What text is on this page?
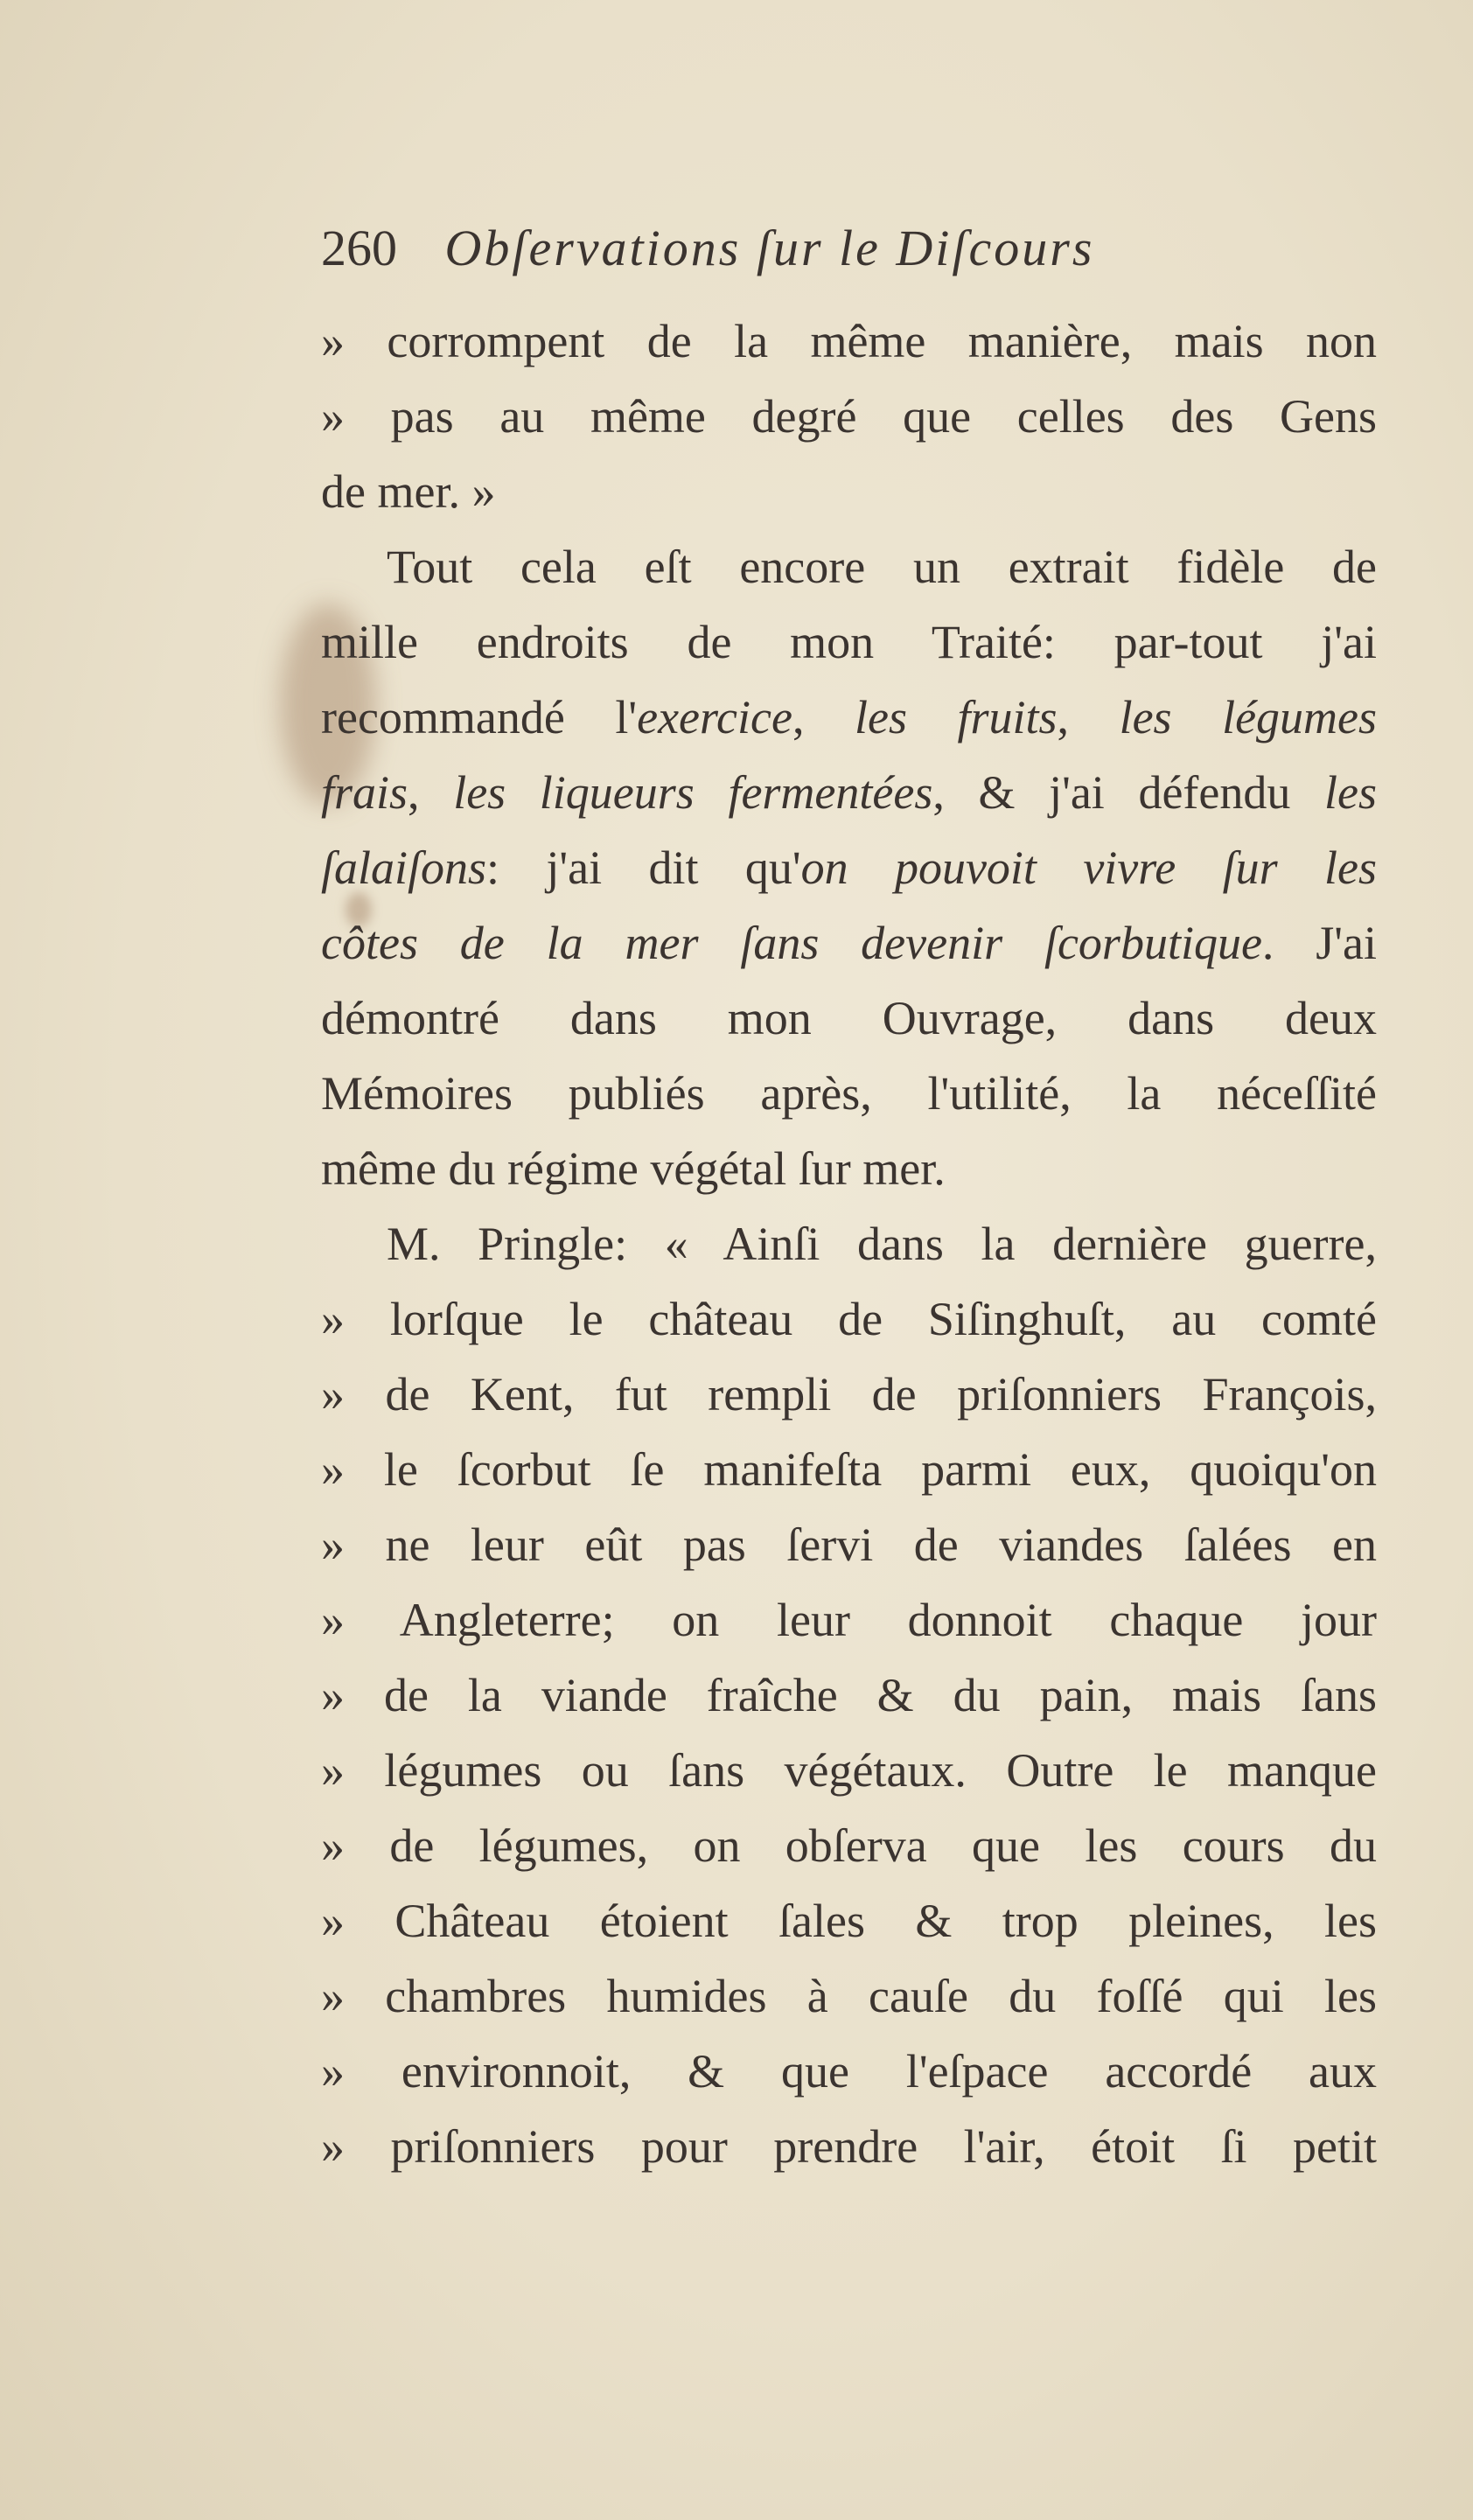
260 Obſervations ſur le Diſcours
» corrompent de la même manière, mais non
» pas au même degré que celles des Gens
de mer. »
Tout cela eſt encore un extrait fidèle de
mille endroits de mon Traité: par-tout j'ai
recommandé l'exercice, les fruits, les légumes
frais, les liqueurs fermentées, & j'ai défendu les
ſalaiſons: j'ai dit qu'on pouvoit vivre ſur les
côtes de la mer ſans devenir ſcorbutique. J'ai
démontré dans mon Ouvrage, dans deux
Mémoires publiés après, l'utilité, la néceſſité
même du régime végétal ſur mer.
M. Pringle: « Ainſi dans la dernière guerre,
» lorſque le château de Siſinghuſt, au comté
» de Kent, fut rempli de priſonniers François,
» le ſcorbut ſe manifeſta parmi eux, quoiqu'on
» ne leur eût pas ſervi de viandes ſalées en
» Angleterre; on leur donnoit chaque jour
» de la viande fraîche & du pain, mais ſans
» légumes ou ſans végétaux. Outre le manque
» de légumes, on obſerva que les cours du
» Château étoient ſales & trop pleines, les
» chambres humides à cauſe du foſſé qui les
» environnoit, & que l'eſpace accordé aux
» priſonniers pour prendre l'air, étoit ſi petit
